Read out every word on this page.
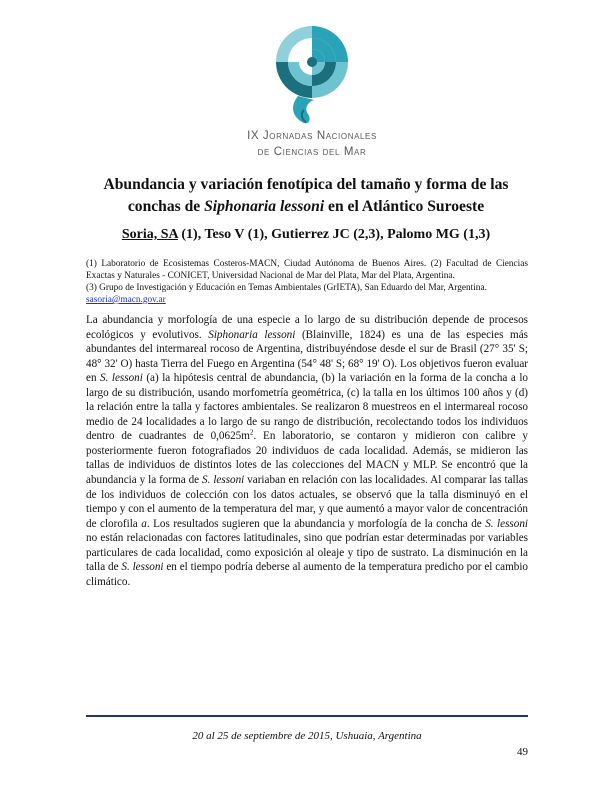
IX Jornadas Nacionales
de Ciencias del Mar
Abundancia y variación fenotípica del tamaño y forma de las
conchas de Siphonaria lessoni en el Atlántico Suroeste
Soria, SA (1), Teso V (1), Gutierrez JC (2,3), Palomo MG (1,3)

(1) Laboratorio de Ecosistemas Costeros-MACN, Ciudad Autónoma de Buenos Aires. (2) Facultad de Ciencias Exactas y Naturales - CONICET, Universidad Nacional de Mar del Plata, Mar del Plata, Argentina.

(3) Grupo de Investigación y Educación en Temas Ambientales (GrIETA), San Eduardo del Mar, Argentina.

sasoria@macn.gov.ar

La abundancia y morfología de una especie a lo largo de su distribución depende de procesos ecológicos y evolutivos. Siphonaria lessoni (Blainville, 1824) es una de las especies más abundantes del intermareal rocoso de Argentina, distribuyéndose desde el sur de Brasil (27° 35' S; 48° 32' O) hasta Tierra del Fuego en Argentina (54° 48' S; 68° 19' O). Los objetivos fueron evaluar en S. lessoni (a) la hipótesis central de abundancia, (b) la variación en la forma de la concha a lo largo de su distribución, usando morfometría geométrica, (c) la talla en los últimos 100 años y (d) la relación entre la talla y factores ambientales. Se realizaron 8 muestreos en el intermareal rocoso medio de 24 localidades a lo largo de su rango de distribución, recolectando todos los individuos dentro de cuadrantes de $0,0625m^2$. En laboratorio, se contaron y midieron con calibre y posteriormente fueron fotografiados 20 individuos de cada localidad. Además, se midieron las tallas de individuos de distintos lotes de las colecciones del MACN y MLP. Se encontró que la abundancia y la forma de S. lessoni variaban en relación con las localidades. Al comparar las tallas de los individuos de colección con los datos actuales, se observó que la talla disminuyó en el tiempo y con el aumento de la temperatura del mar, y que aumentó a mayor valor de concentración de clorofila a. Los resultados sugieren que la abundancia y morfología de la concha de S. lessoni no están relacionadas con factores latitudinales, sino que podrían estar determinadas por variables particulares de cada localidad, como exposición al oleaje y tipo de sustrato. La disminución en la talla de S. lessoni en el tiempo podría deberse al aumento de la temperatura predicho por el cambio climático.

20 al 25 de septiembre de 2015, Ushuaia, Argentina
49
